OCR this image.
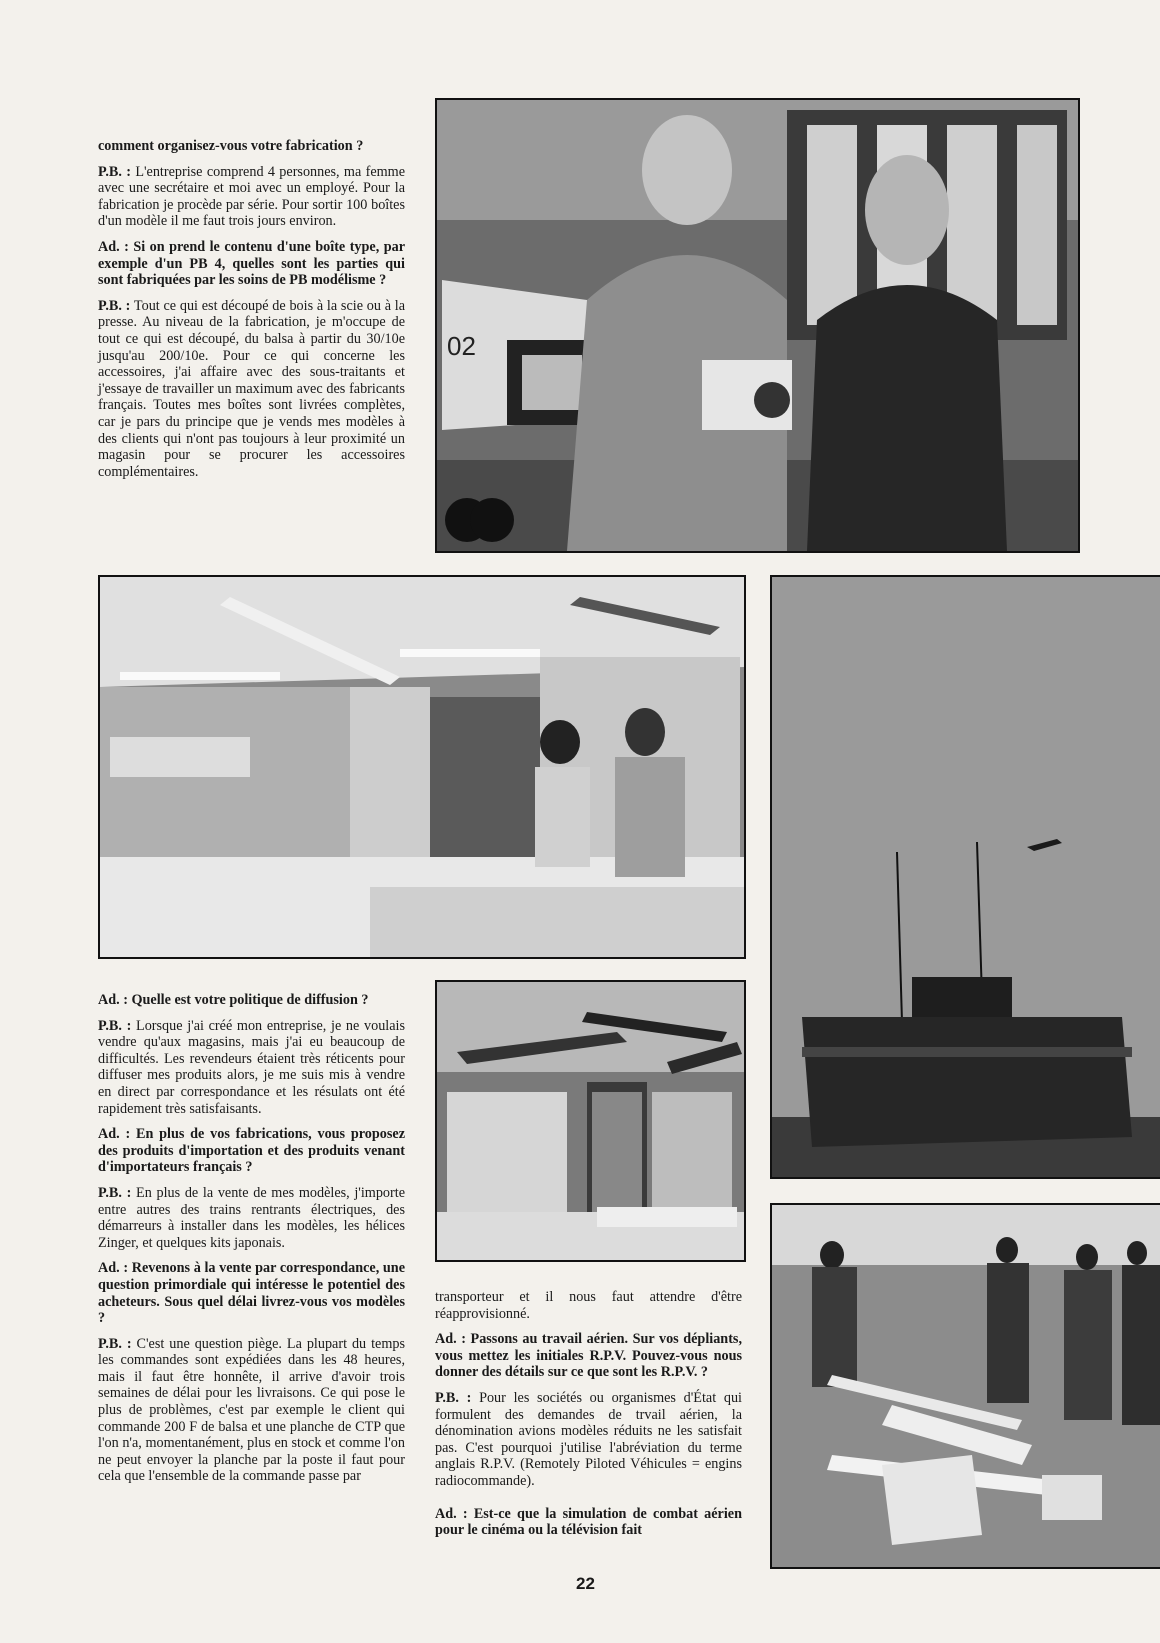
comment organisez-vous votre fabrication ?

P.B. : L'entreprise comprend 4 personnes, ma femme avec une secrétaire et moi avec un employé. Pour la fabrication je procède par série. Pour sortir 100 boîtes d'un modèle il me faut trois jours environ.

Ad. : Si on prend le contenu d'une boîte type, par exemple d'un PB 4, quelles sont les parties qui sont fabriquées par les soins de PB modélisme ?

P.B. : Tout ce qui est découpé de bois à la scie ou à la presse. Au niveau de la fabrication, je m'occupe de tout ce qui est découpé, du balsa à partir du 30/10e jusqu'au 200/10e. Pour ce qui concerne les accessoires, j'ai affaire avec des sous-traitants et j'essaye de travailler un maximum avec des fabricants français. Toutes mes boîtes sont livrées complètes, car je pars du principe que je vends mes modèles à des clients qui n'ont pas toujours à leur proximité un magasin pour se procurer les accessoires complémentaires.

02

Ad. : Quelle est votre politique de diffusion ?

P.B. : Lorsque j'ai créé mon entreprise, je ne voulais vendre qu'aux magasins, mais j'ai eu beaucoup de difficultés. Les revendeurs étaient très réticents pour diffuser mes produits alors, je me suis mis à vendre en direct par correspondance et les résulats ont été rapidement très satisfaisants.

Ad. : En plus de vos fabrications, vous proposez des produits d'importation et des produits venant d'importateurs français ?

P.B. : En plus de la vente de mes modèles, j'importe entre autres des trains rentrants électriques, des démarreurs à installer dans les modèles, les hélices Zinger, et quelques kits japonais.

Ad. : Revenons à la vente par correspondance, une question primordiale qui intéresse le potentiel des acheteurs. Sous quel délai livrez-vous vos modèles ?

P.B. : C'est une question piège. La plupart du temps les commandes sont expédiées dans les 48 heures, mais il faut être honnête, il arrive d'avoir trois semaines de délai pour les livraisons. Ce qui pose le plus de problèmes, c'est par exemple le client qui commande 200 F de balsa et une planche de CTP que l'on n'a, momentanément, plus en stock et comme l'on ne peut envoyer la planche par la poste il faut pour cela que l'ensemble de la commande passe par

transporteur et il nous faut attendre d'être réapprovisionné.

Ad. : Passons au travail aérien. Sur vos dépliants, vous mettez les initiales R.P.V. Pouvez-vous nous donner des détails sur ce que sont les R.P.V. ?

P.B. : Pour les sociétés ou organismes d'État qui formulent des demandes de trvail aérien, la dénomination avions modèles réduits ne les satisfait pas. C'est pourquoi j'utilise l'abréviation du terme anglais R.P.V. (Remotely Piloted Véhicules = engins radiocommande).

Ad. : Est-ce que la simulation de combat aérien pour le cinéma ou la télévision fait

22
